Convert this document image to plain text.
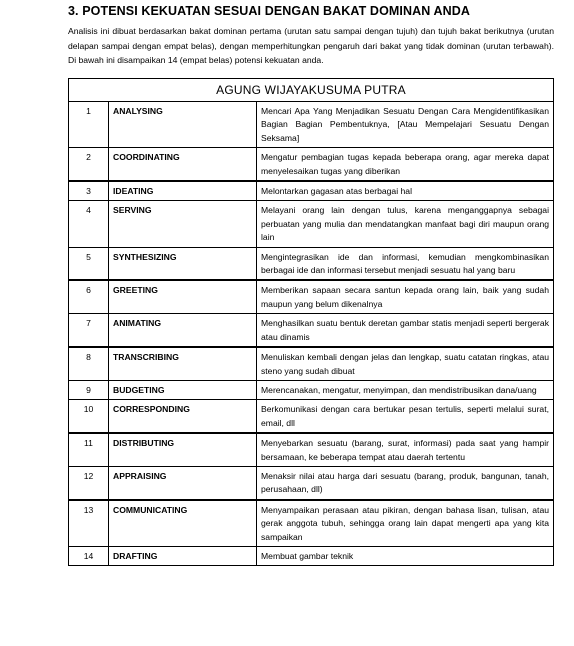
3. POTENSI KEKUATAN SESUAI DENGAN BAKAT DOMINAN ANDA
Analisis ini dibuat berdasarkan bakat dominan pertama (urutan satu sampai dengan tujuh) dan tujuh bakat berikutnya (urutan delapan sampai dengan empat belas), dengan memperhitungkan pengaruh dari bakat yang tidak dominan (urutan terbawah). Di bawah ini disampaikan 14 (empat belas) potensi kekuatan anda.
AGUNG WIJAYAKUSUMA PUTRA		
1	ANALYSING	Mencari Apa Yang Menjadikan Sesuatu Dengan Cara Mengidentifikasikan Bagian Bagian Pembentuknya, [Atau Mempelajari Sesuatu Dengan Seksama]
2	COORDINATING	Mengatur pembagian tugas kepada beberapa orang, agar mereka dapat menyelesaikan tugas yang diberikan
3	IDEATING	Melontarkan gagasan atas berbagai hal
4	SERVING	Melayani orang lain dengan tulus, karena menganggapnya sebagai perbuatan yang mulia dan mendatangkan manfaat bagi diri maupun orang lain
5	SYNTHESIZING	Mengintegrasikan ide dan informasi, kemudian mengkombinasikan berbagai ide dan informasi tersebut menjadi sesuatu hal yang baru
6	GREETING	Memberikan sapaan secara santun kepada orang lain, baik yang sudah maupun yang belum dikenalnya
7	ANIMATING	Menghasilkan suatu bentuk deretan gambar statis menjadi seperti bergerak atau dinamis
8	TRANSCRIBING	Menuliskan kembali dengan jelas dan lengkap, suatu catatan ringkas, atau steno yang sudah dibuat
9	BUDGETING	Merencanakan, mengatur, menyimpan, dan mendistribusikan dana/uang
10	CORRESPONDING	Berkomunikasi dengan cara bertukar pesan tertulis, seperti melalui surat, email, dll
11	DISTRIBUTING	Menyebarkan sesuatu (barang, surat, informasi) pada saat yang hampir bersamaan, ke beberapa tempat atau daerah tertentu
12	APPRAISING	Menaksir nilai atau harga dari sesuatu (barang, produk, bangunan, tanah, perusahaan, dll)
13	COMMUNICATING	Menyampaikan perasaan atau pikiran, dengan bahasa lisan, tulisan, atau gerak anggota tubuh, sehingga orang lain dapat mengerti apa yang kita sampaikan
14	DRAFTING	Membuat gambar teknik
